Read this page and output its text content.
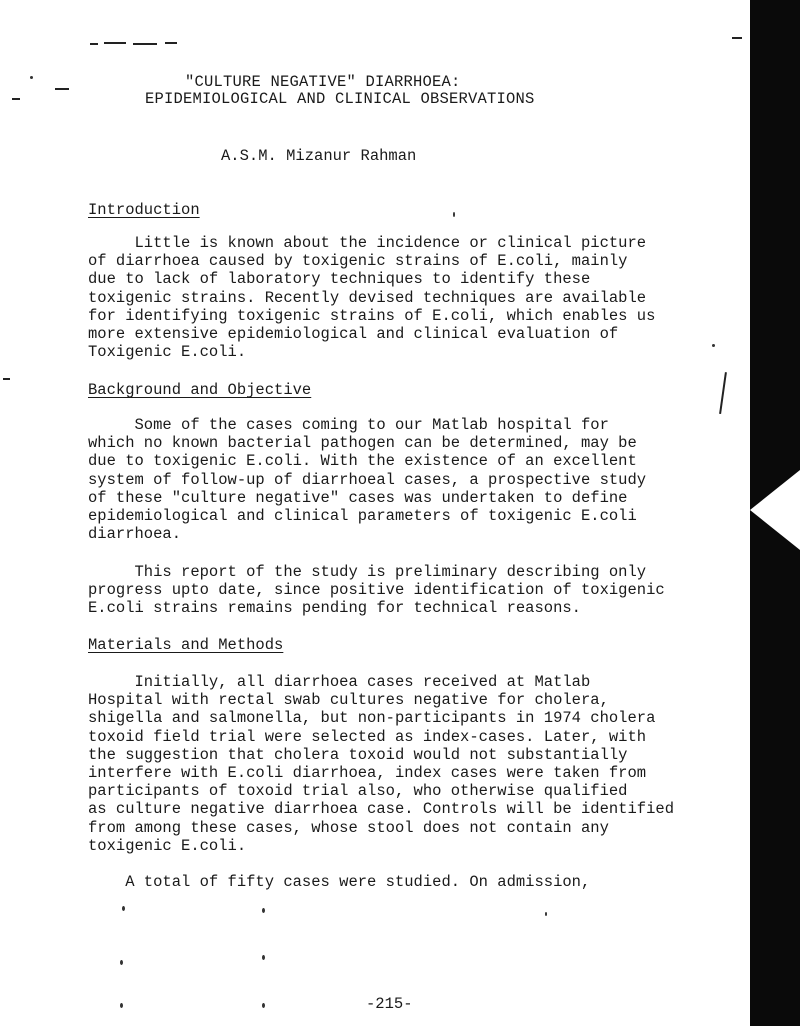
"CULTURE NEGATIVE" DIARRHOEA:
EPIDEMIOLOGICAL AND CLINICAL OBSERVATIONS
A.S.M. Mizanur Rahman
Introduction
Little is known about the incidence or clinical picture
of diarrhoea caused by toxigenic strains of E.coli, mainly
due to lack of laboratory techniques to identify these
toxigenic strains. Recently devised techniques are available
for identifying toxigenic strains of E.coli, which enables us
more extensive epidemiological and clinical evaluation of
Toxigenic E.coli.
Background and Objective
Some of the cases coming to our Matlab hospital for
which no known bacterial pathogen can be determined, may be
due to toxigenic E.coli. With the existence of an excellent
system of follow-up of diarrhoeal cases, a prospective study
of these "culture negative" cases was undertaken to define
epidemiological and clinical parameters of toxigenic E.coli
diarrhoea.
This report of the study is preliminary describing only
progress upto date, since positive identification of toxigenic
E.coli strains remains pending for technical reasons.
Materials and Methods
Initially, all diarrhoea cases received at Matlab
Hospital with rectal swab cultures negative for cholera,
shigella and salmonella, but non-participants in 1974 cholera
toxoid field trial were selected as index-cases. Later, with
the suggestion that cholera toxoid would not substantially
interfere with E.coli diarrhoea, index cases were taken from
participants of toxoid trial also, who otherwise qualified
as culture negative diarrhoea case. Controls will be identified
from among these cases, whose stool does not contain any
toxigenic E.coli.
A total of fifty cases were studied. On admission,
-215-
